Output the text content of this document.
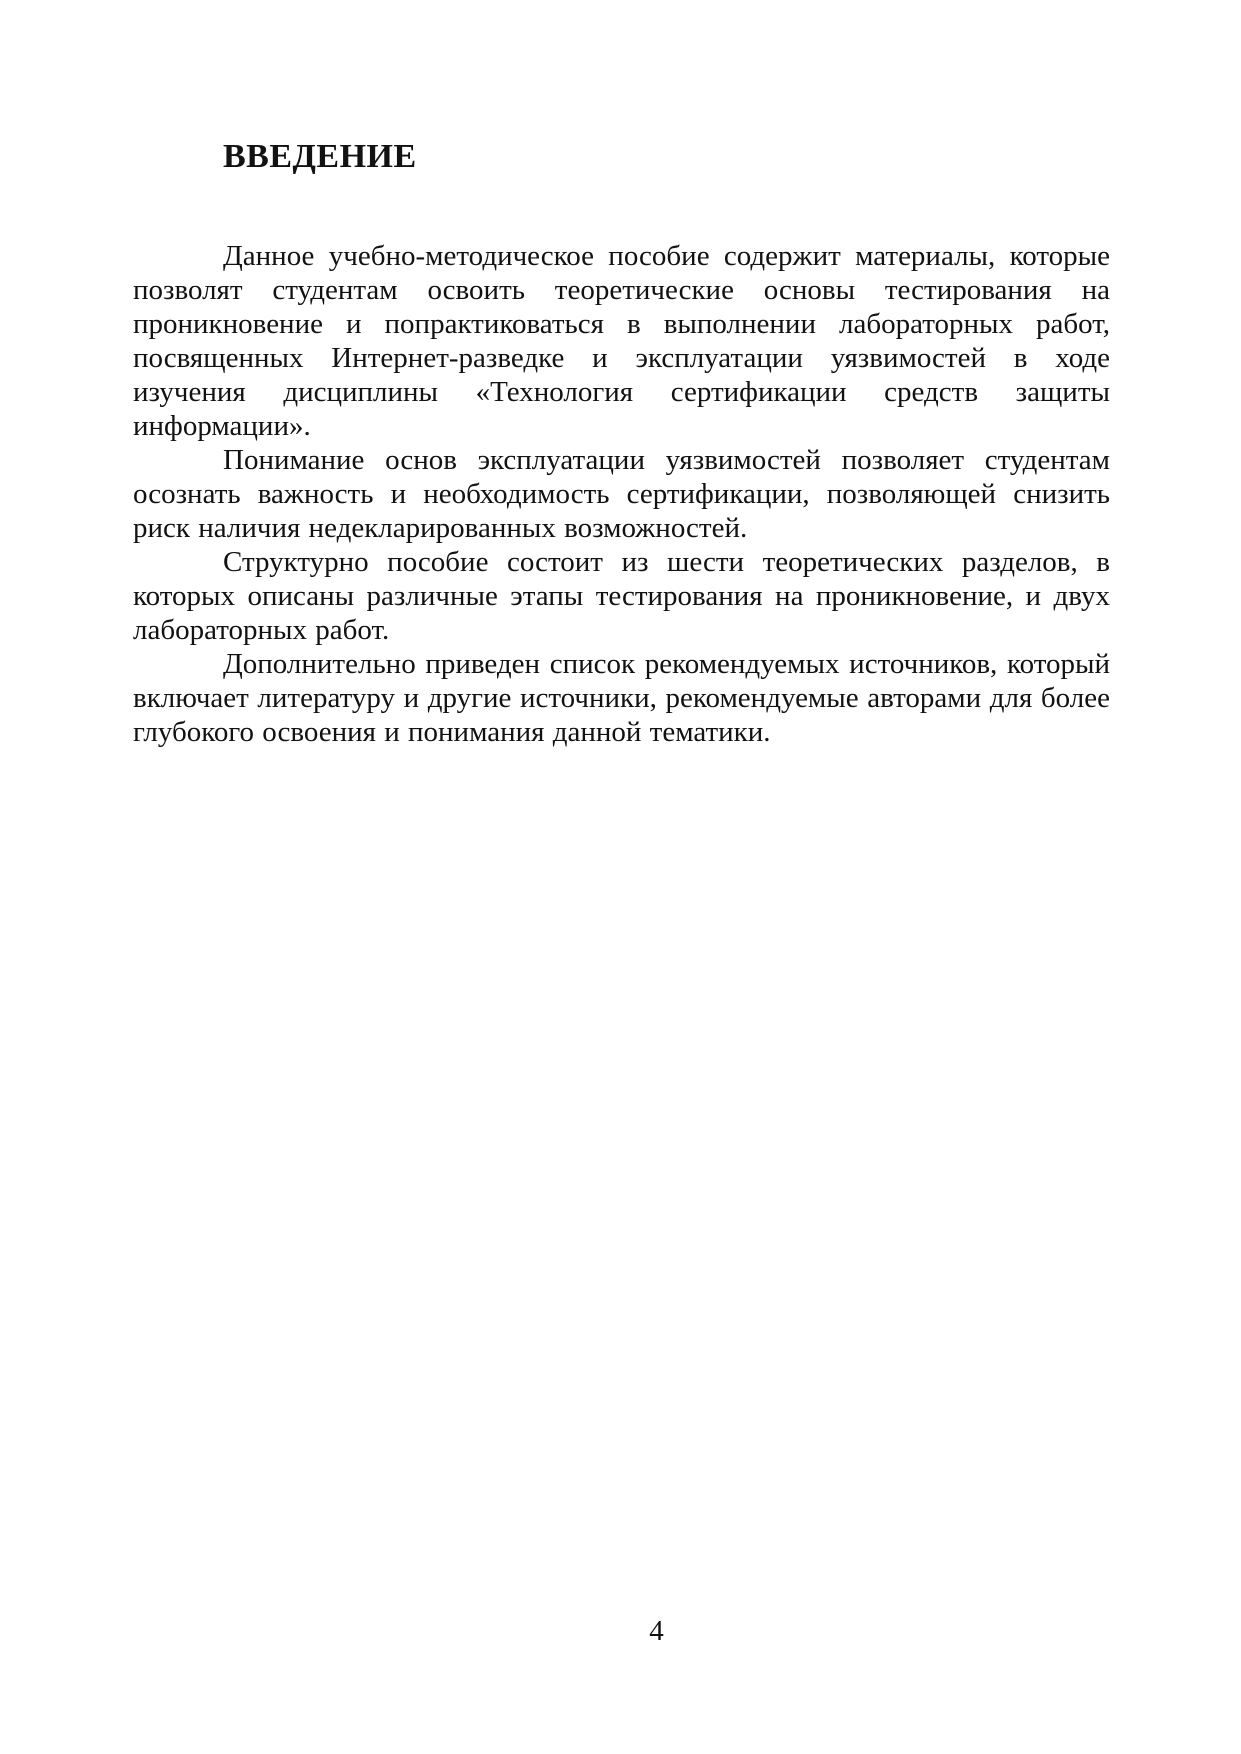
ВВЕДЕНИЕ

Данное учебно-методическое пособие содержит материалы, которые позволят студентам освоить теоретические основы тестирования на проникновение и попрактиковаться в выполнении лабораторных работ, посвященных Интернет-разведке и эксплуатации уязвимостей в ходе изучения дисциплины «Технология сертификации средств защиты информации».

Понимание основ эксплуатации уязвимостей позволяет студентам осознать важность и необходимость сертификации, позволяющей снизить риск наличия недекларированных возможностей.

Структурно пособие состоит из шести теоретических разделов, в которых описаны различные этапы тестирования на проникновение, и двух лабораторных работ.

Дополнительно приведен список рекомендуемых источников, который включает литературу и другие источники, рекомендуемые авторами для более глубокого освоения и понимания данной тематики.

4
